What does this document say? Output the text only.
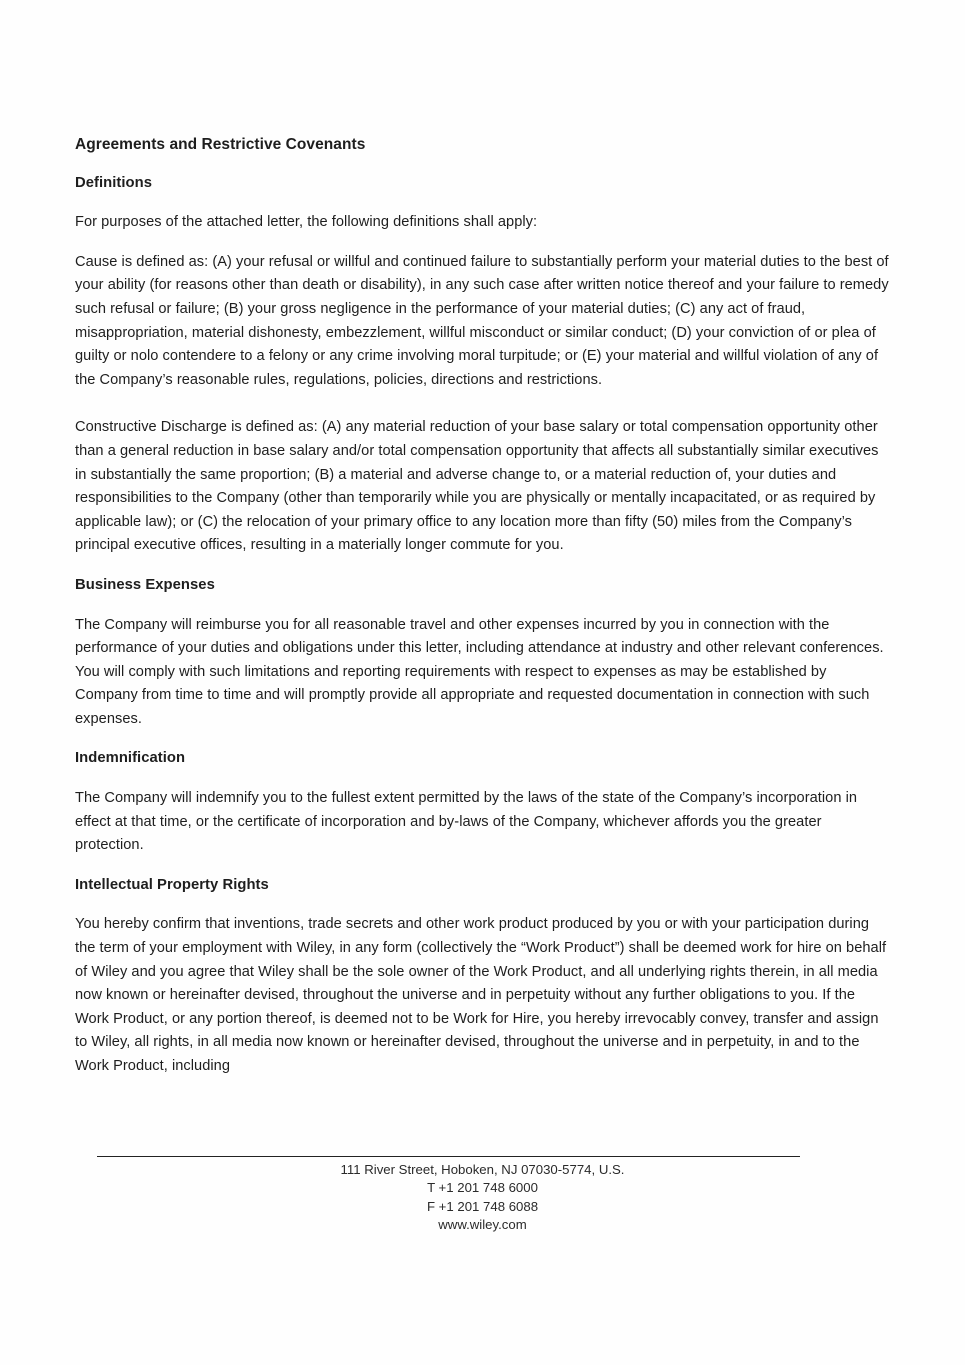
Agreements and Restrictive Covenants
Definitions

For purposes of the attached letter, the following definitions shall apply:

Cause is defined as: (A) your refusal or willful and continued failure to substantially perform your material duties to the best of your ability (for reasons other than death or disability), in any such case after written notice thereof and your failure to remedy such refusal or failure; (B) your gross negligence in the performance of your material duties; (C) any act of fraud, misappropriation, material dishonesty, embezzlement, willful misconduct or similar conduct; (D) your conviction of or plea of guilty or nolo contendere to a felony or any crime involving moral turpitude; or (E) your material and willful violation of any of the Company’s reasonable rules, regulations, policies, directions and restrictions.

Constructive Discharge is defined as: (A) any material reduction of your base salary or total compensation opportunity other than a general reduction in base salary and/or total compensation opportunity that affects all substantially similar executives in substantially the same proportion; (B) a material and adverse change to, or a material reduction of, your duties and responsibilities to the Company (other than temporarily while you are physically or mentally incapacitated, or as required by applicable law); or (C) the relocation of your primary office to any location more than fifty (50) miles from the Company’s principal executive offices, resulting in a materially longer commute for you.

Business Expenses

The Company will reimburse you for all reasonable travel and other expenses incurred by you in connection with the performance of your duties and obligations under this letter, including attendance at industry and other relevant conferences. You will comply with such limitations and reporting requirements with respect to expenses as may be established by Company from time to time and will promptly provide all appropriate and requested documentation in connection with such expenses.

Indemnification

The Company will indemnify you to the fullest extent permitted by the laws of the state of the Company’s incorporation in effect at that time, or the certificate of incorporation and by-laws of the Company, whichever affords you the greater protection.

Intellectual Property Rights

You hereby confirm that inventions, trade secrets and other work product produced by you or with your participation during the term of your employment with Wiley, in any form (collectively the “Work Product”) shall be deemed work for hire on behalf of Wiley and you agree that Wiley shall be the sole owner of the Work Product, and all underlying rights therein, in all media now known or hereinafter devised, throughout the universe and in perpetuity without any further obligations to you. If the Work Product, or any portion thereof, is deemed not to be Work for Hire, you hereby irrevocably convey, transfer and assign to Wiley, all rights, in all media now known or hereinafter devised, throughout the universe and in perpetuity, in and to the Work Product, including

111 River Street, Hoboken, NJ 07030-5774, U.S.
T +1 201 748 6000
F +1 201 748 6088
www.wiley.com
